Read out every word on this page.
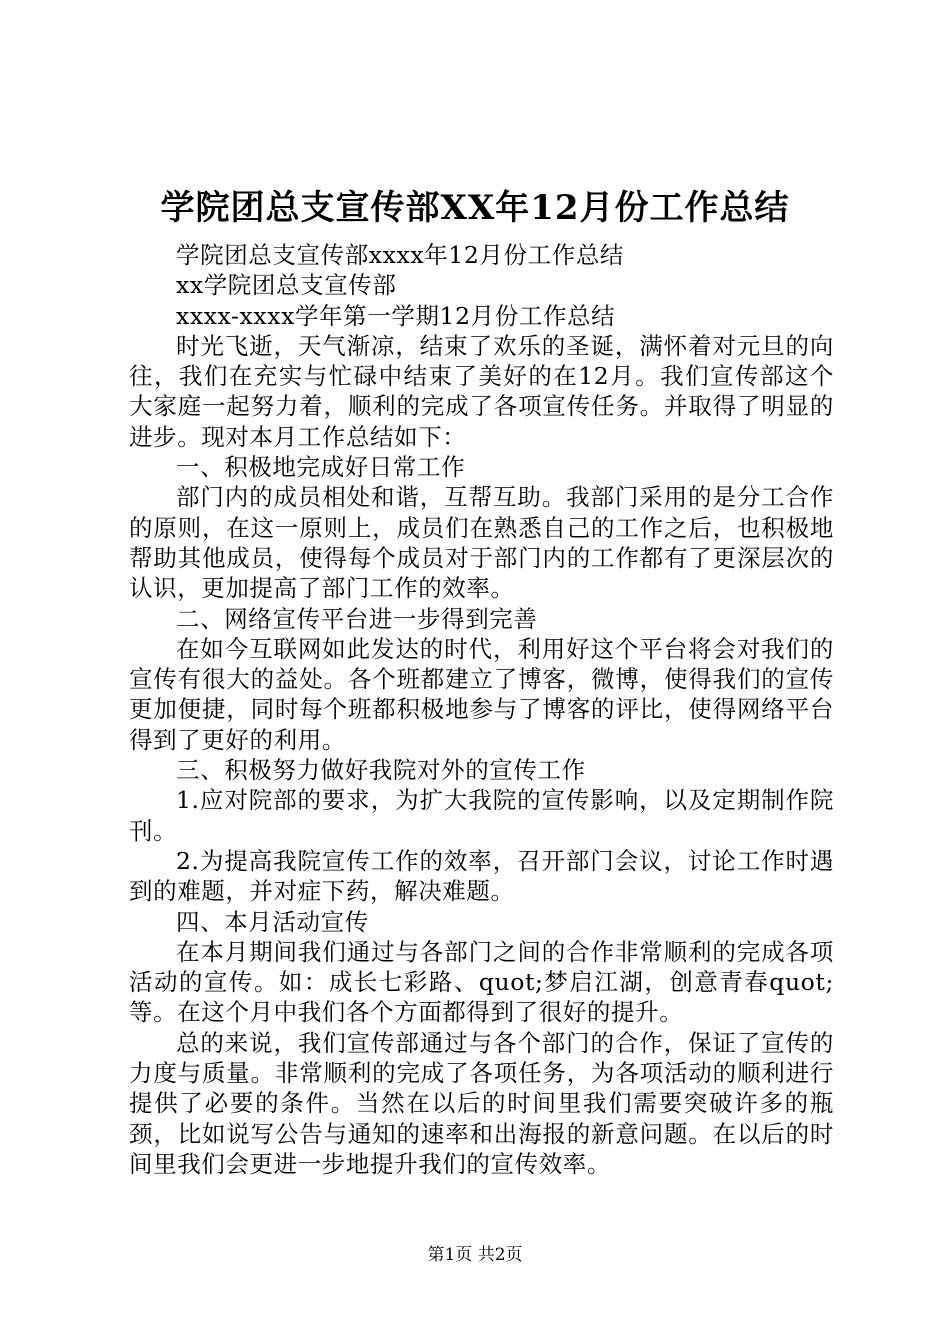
学院团总支宣传部XX年12月份工作总结

学院团总支宣传部xxxx年12月份工作总结

xx学院团总支宣传部

xxxx-xxxx学年第一学期12月份工作总结

时光飞逝，天气渐凉，结束了欢乐的圣诞，满怀着对元旦的向往，我们在充实与忙碌中结束了美好的在12月。我们宣传部这个大家庭一起努力着，顺利的完成了各项宣传任务。并取得了明显的进步。现对本月工作总结如下：

一、积极地完成好日常工作

部门内的成员相处和谐，互帮互助。我部门采用的是分工合作的原则，在这一原则上，成员们在熟悉自己的工作之后，也积极地帮助其他成员，使得每个成员对于部门内的工作都有了更深层次的认识，更加提高了部门工作的效率。

二、网络宣传平台进一步得到完善

在如今互联网如此发达的时代，利用好这个平台将会对我们的宣传有很大的益处。各个班都建立了博客，微博，使得我们的宣传更加便捷，同时每个班都积极地参与了博客的评比，使得网络平台得到了更好的利用。

三、积极努力做好我院对外的宣传工作

1.应对院部的要求，为扩大我院的宣传影响，以及定期制作院刊。

2.为提高我院宣传工作的效率，召开部门会议，讨论工作时遇到的难题，并对症下药，解决难题。

四、本月活动宣传

在本月期间我们通过与各部门之间的合作非常顺利的完成各项活动的宣传。如：成长七彩路、quot;梦启江湖，创意青春quot;等。在这个月中我们各个方面都得到了很好的提升。

总的来说，我们宣传部通过与各个部门的合作，保证了宣传的力度与质量。非常顺利的完成了各项任务，为各项活动的顺利进行提供了必要的条件。当然在以后的时间里我们需要突破许多的瓶颈，比如说写公告与通知的速率和出海报的新意问题。在以后的时间里我们会更进一步地提升我们的宣传效率。

第1页 共2页
